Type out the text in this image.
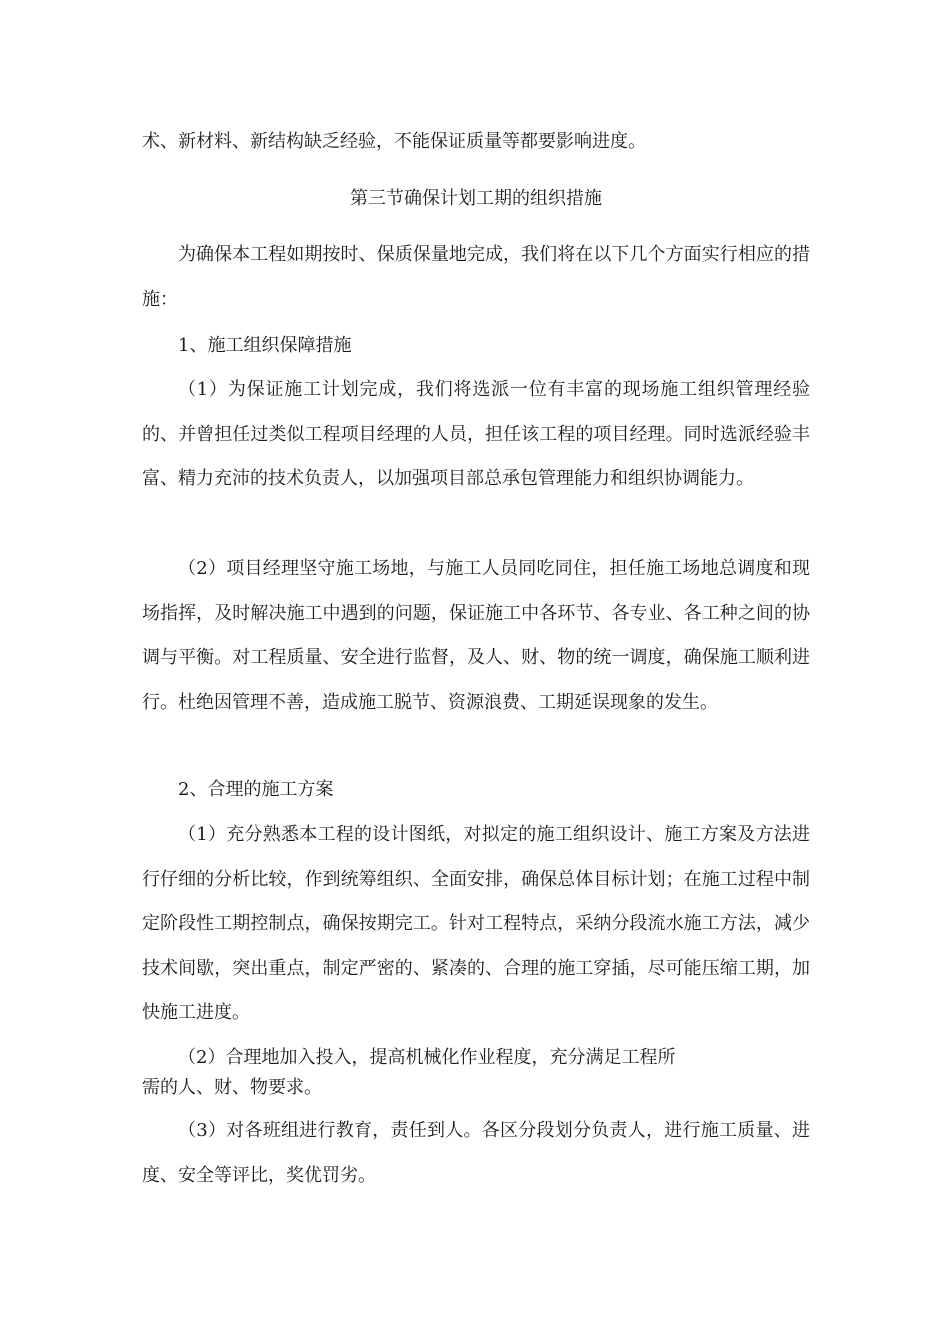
术、新材料、新结构缺乏经验，不能保证质量等都要影响进度。

第三节确保计划工期的组织措施

为确保本工程如期按时、保质保量地完成，我们将在以下几个方面实行相应的措施：

1、施工组织保障措施

（1）为保证施工计划完成，我们将选派一位有丰富的现场施工组织管理经验的、并曾担任过类似工程项目经理的人员，担任该工程的项目经理。同时选派经验丰富、精力充沛的技术负责人，以加强项目部总承包管理能力和组织协调能力。

（2）项目经理坚守施工场地，与施工人员同吃同住，担任施工场地总调度和现场指挥，及时解决施工中遇到的问题，保证施工中各环节、各专业、各工种之间的协调与平衡。对工程质量、安全进行监督，及人、财、物的统一调度，确保施工顺利进行。杜绝因管理不善，造成施工脱节、资源浪费、工期延误现象的发生。

2、合理的施工方案

（1）充分熟悉本工程的设计图纸，对拟定的施工组织设计、施工方案及方法进行仔细的分析比较，作到统筹组织、全面安排，确保总体目标计划；在施工过程中制定阶段性工期控制点，确保按期完工。针对工程特点，采纳分段流水施工方法，减少技术间歇，突出重点，制定严密的、紧凑的、合理的施工穿插，尽可能压缩工期，加快施工进度。

（2）合理地加入投入，提高机械化作业程度，充分满足工程所
需的人、财、物要求。

（3）对各班组进行教育，责任到人。各区分段划分负责人，进行施工质量、进度、安全等评比，奖优罚劣。
